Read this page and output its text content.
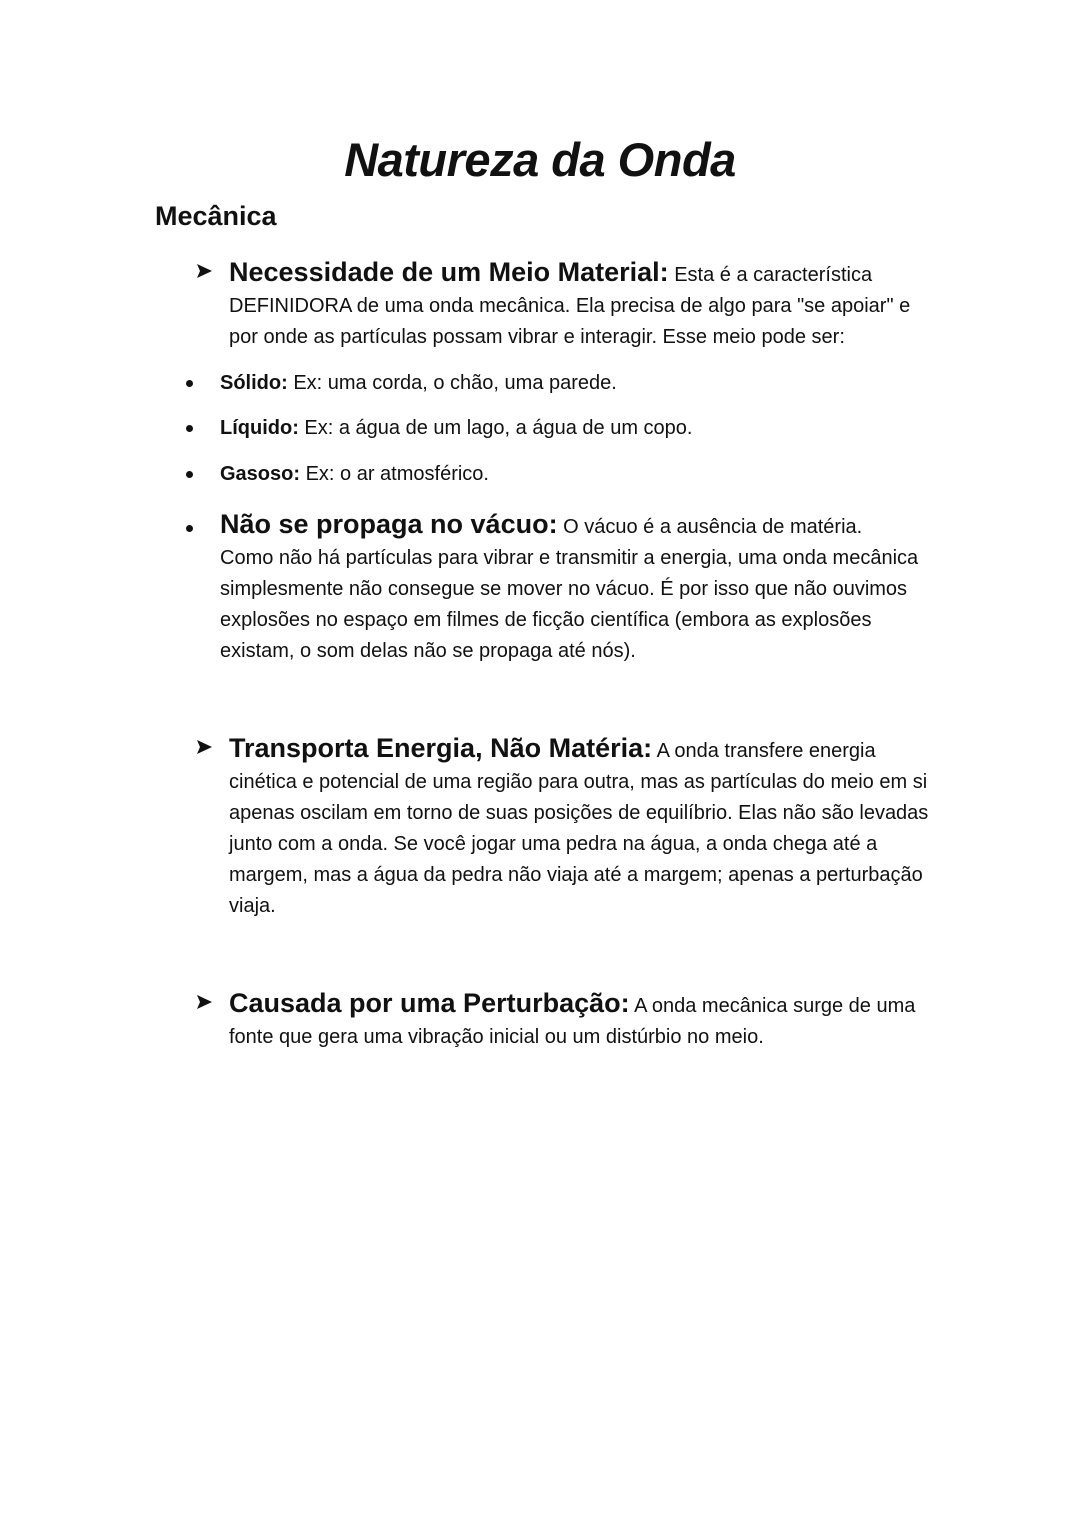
Natureza da Onda
Mecânica
Necessidade de um Meio Material: Esta é a característica DEFINIDORA de uma onda mecânica. Ela precisa de algo para "se apoiar" e por onde as partículas possam vibrar e interagir. Esse meio pode ser:
Sólido: Ex: uma corda, o chão, uma parede.
Líquido: Ex: a água de um lago, a água de um copo.
Gasoso: Ex: o ar atmosférico.
Não se propaga no vácuo: O vácuo é a ausência de matéria. Como não há partículas para vibrar e transmitir a energia, uma onda mecânica simplesmente não consegue se mover no vácuo. É por isso que não ouvimos explosões no espaço em filmes de ficção científica (embora as explosões existam, o som delas não se propaga até nós).
Transporta Energia, Não Matéria: A onda transfere energia cinética e potencial de uma região para outra, mas as partículas do meio em si apenas oscilam em torno de suas posições de equilíbrio. Elas não são levadas junto com a onda. Se você jogar uma pedra na água, a onda chega até a margem, mas a água da pedra não viaja até a margem; apenas a perturbação viaja.
Causada por uma Perturbação: A onda mecânica surge de uma fonte que gera uma vibração inicial ou um distúrbio no meio.
